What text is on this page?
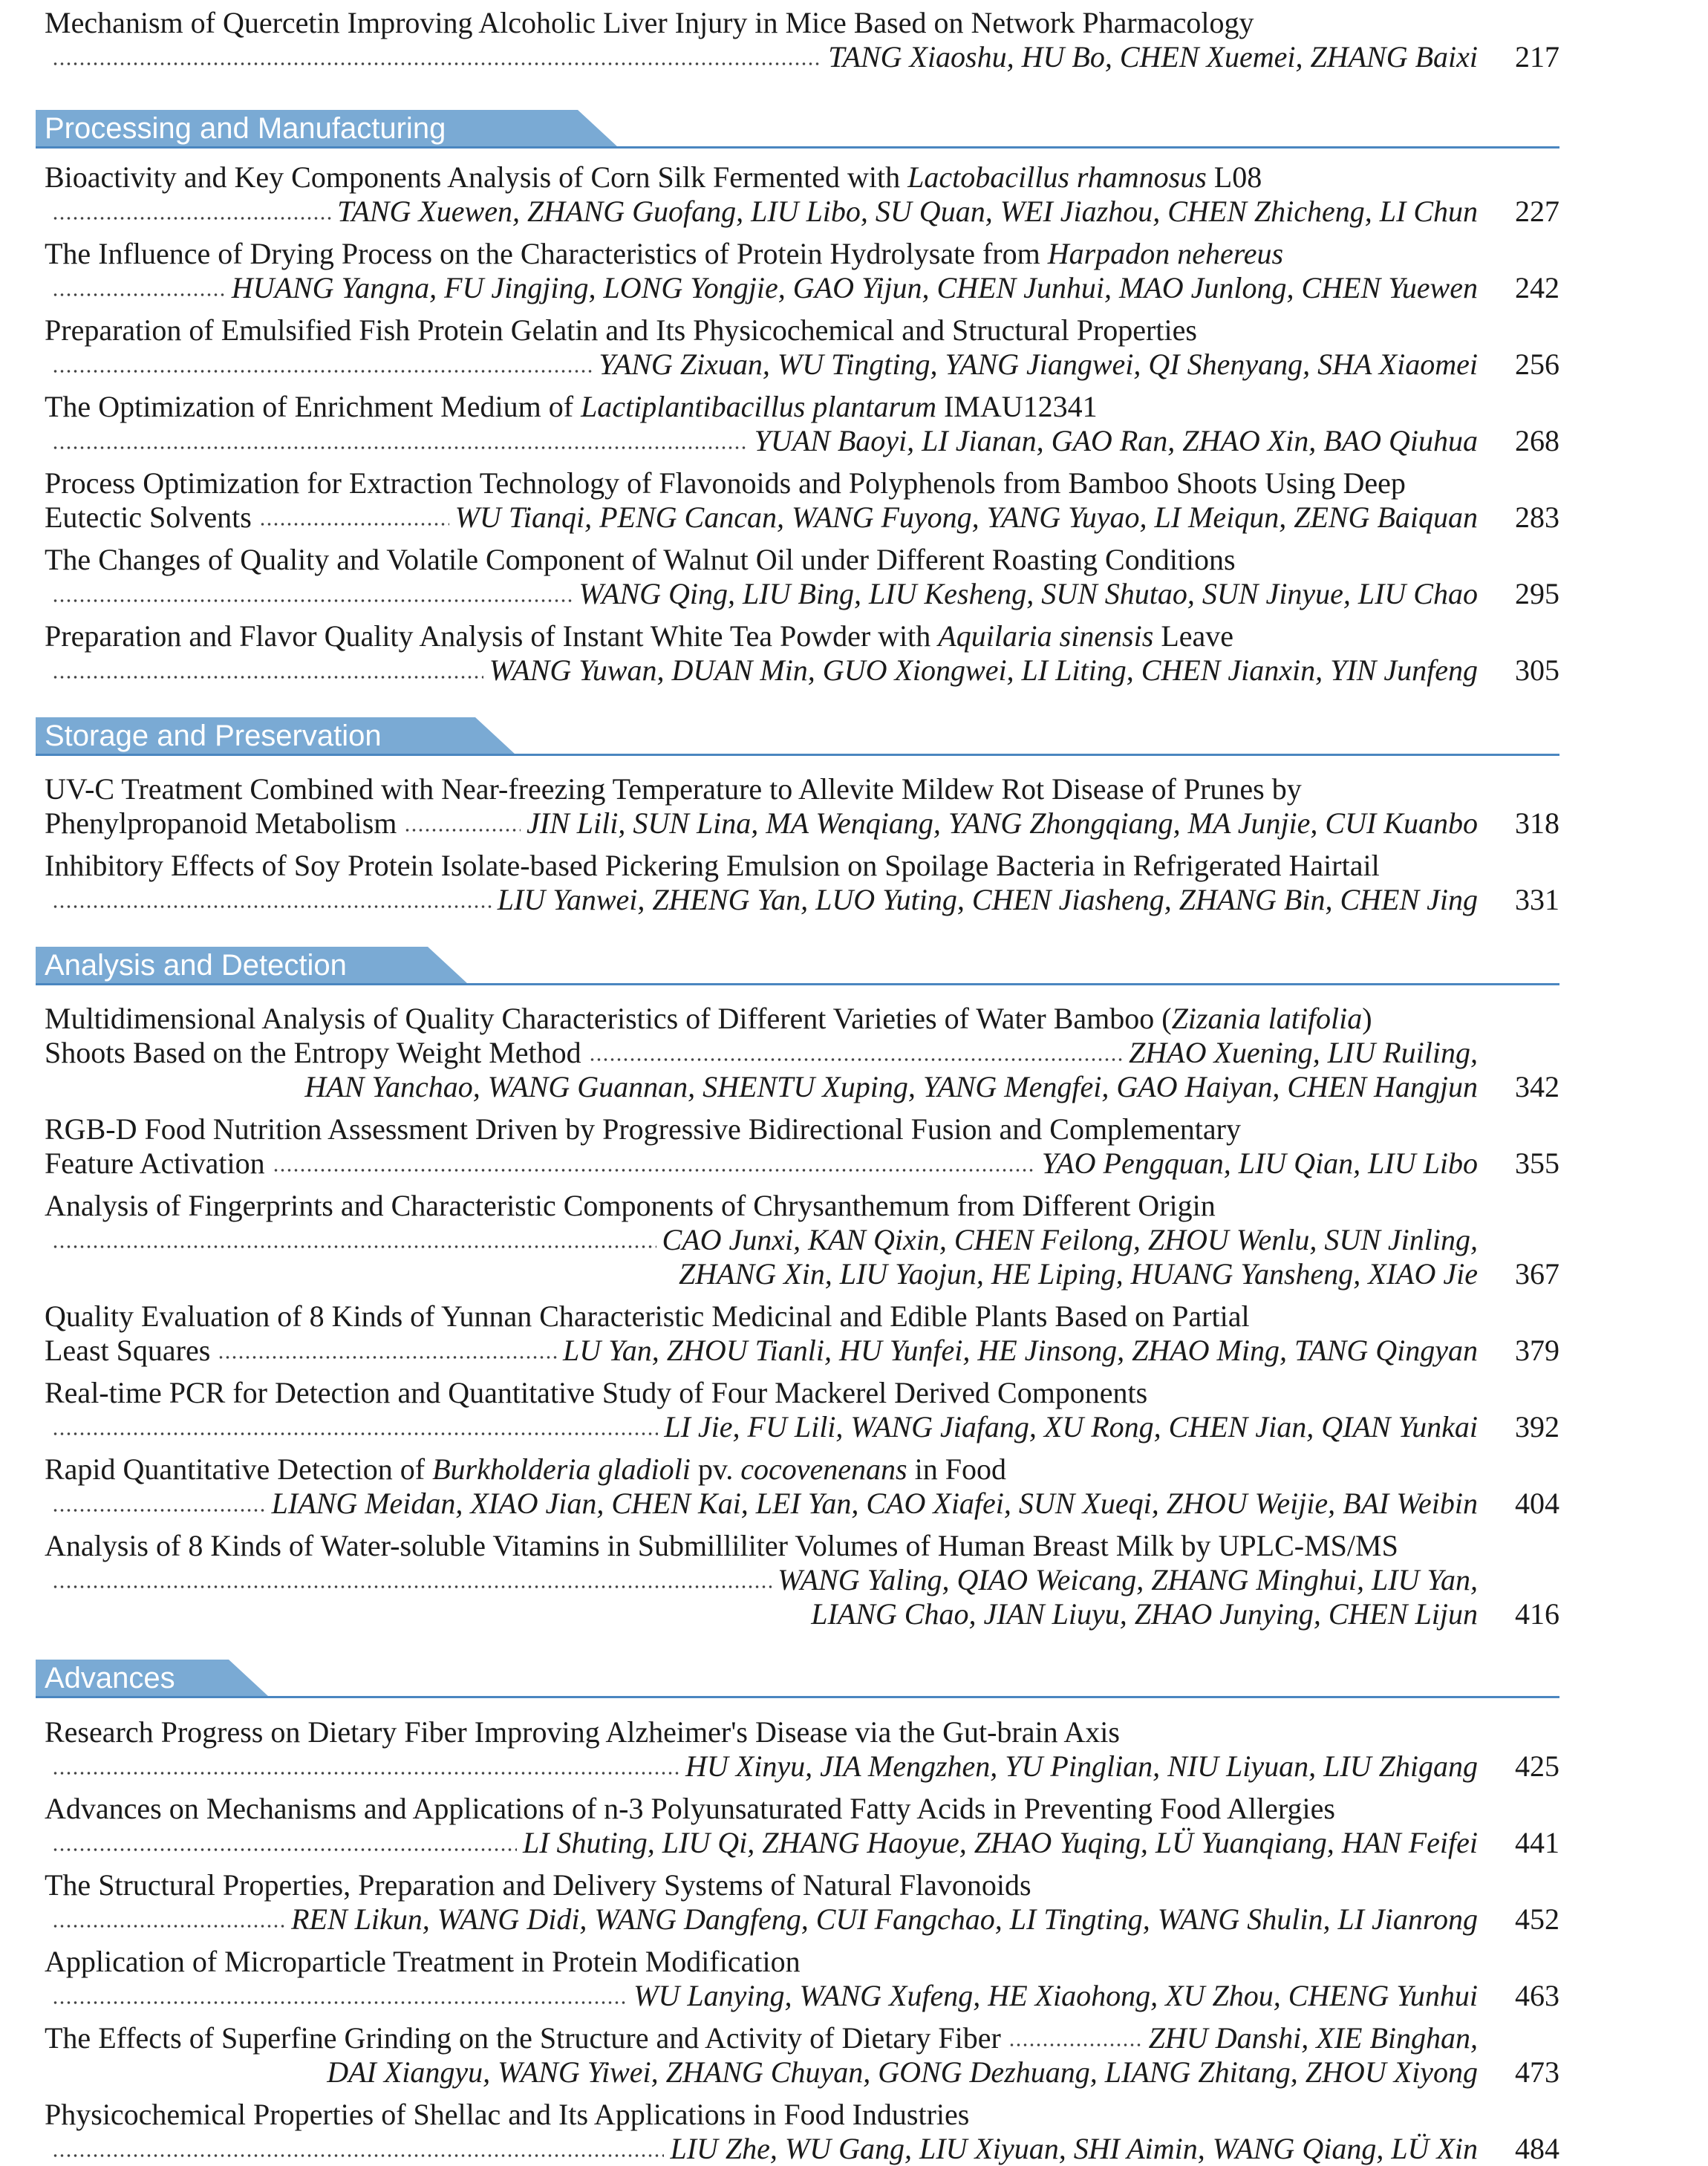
Mechanism of Quercetin Improving Alcoholic Liver Injury in Mice Based on Network Pharmacology
TANG Xiaoshu, HU Bo, CHEN Xuemei, ZHANG Baixi	217
Processing and Manufacturing
Bioactivity and Key Components Analysis of Corn Silk Fermented with Lactobacillus rhamnosus L08
TANG Xuewen, ZHANG Guofang, LIU Libo, SU Quan, WEI Jiazhou, CHEN Zhicheng, LI Chun	227
The Influence of Drying Process on the Characteristics of Protein Hydrolysate from Harpadon nehereus
HUANG Yangna, FU Jingjing, LONG Yongjie, GAO Yijun, CHEN Junhui, MAO Junlong, CHEN Yuewen	242
Preparation of Emulsified Fish Protein Gelatin and Its Physicochemical and Structural Properties
YANG Zixuan, WU Tingting, YANG Jiangwei, QI Shenyang, SHA Xiaomei	256
The Optimization of Enrichment Medium of Lactiplantibacillus plantarum IMAU12341
YUAN Baoyi, LI Jianan, GAO Ran, ZHAO Xin, BAO Qiuhua	268
Process Optimization for Extraction Technology of Flavonoids and Polyphenols from Bamboo Shoots Using Deep
Eutectic Solvents	WU Tianqi, PENG Cancan, WANG Fuyong, YANG Yuyao, LI Meiqun, ZENG Baiquan	283
The Changes of Quality and Volatile Component of Walnut Oil under Different Roasting Conditions
WANG Qing, LIU Bing, LIU Kesheng, SUN Shutao, SUN Jinyue, LIU Chao	295
Preparation and Flavor Quality Analysis of Instant White Tea Powder with Aquilaria sinensis Leave
WANG Yuwan, DUAN Min, GUO Xiongwei, LI Liting, CHEN Jianxin, YIN Junfeng	305
Storage and Preservation
UV-C Treatment Combined with Near-freezing Temperature to Allevite Mildew Rot Disease of Prunes by
Phenylpropanoid Metabolism	JIN Lili, SUN Lina, MA Wenqiang, YANG Zhongqiang, MA Junjie, CUI Kuanbo	318
Inhibitory Effects of Soy Protein Isolate-based Pickering Emulsion on Spoilage Bacteria in Refrigerated Hairtail
LIU Yanwei, ZHENG Yan, LUO Yuting, CHEN Jiasheng, ZHANG Bin, CHEN Jing	331
Analysis and Detection
Multidimensional Analysis of Quality Characteristics of Different Varieties of Water Bamboo (Zizania latifolia)
Shoots Based on the Entropy Weight Method	ZHAO Xuening, LIU Ruiling,
HAN Yanchao, WANG Guannan, SHENTU Xuping, YANG Mengfei, GAO Haiyan, CHEN Hangjun	342
RGB-D Food Nutrition Assessment Driven by Progressive Bidirectional Fusion and Complementary
Feature Activation	YAO Pengquan, LIU Qian, LIU Libo	355
Analysis of Fingerprints and Characteristic Components of Chrysanthemum from Different Origin
CAO Junxi, KAN Qixin, CHEN Feilong, ZHOU Wenlu, SUN Jinling,
ZHANG Xin, LIU Yaojun, HE Liping, HUANG Yansheng, XIAO Jie	367
Quality Evaluation of 8 Kinds of Yunnan Characteristic Medicinal and Edible Plants Based on Partial
Least Squares	LU Yan, ZHOU Tianli, HU Yunfei, HE Jinsong, ZHAO Ming, TANG Qingyan	379
Real-time PCR for Detection and Quantitative Study of Four Mackerel Derived Components
LI Jie, FU Lili, WANG Jiafang, XU Rong, CHEN Jian, QIAN Yunkai	392
Rapid Quantitative Detection of Burkholderia gladioli pv. cocovenenans in Food
LIANG Meidan, XIAO Jian, CHEN Kai, LEI Yan, CAO Xiafei, SUN Xueqi, ZHOU Weijie, BAI Weibin	404
Analysis of 8 Kinds of Water-soluble Vitamins in Submilliliter Volumes of Human Breast Milk by UPLC-MS/MS
WANG Yaling, QIAO Weicang, ZHANG Minghui, LIU Yan,
LIANG Chao, JIAN Liuyu, ZHAO Junying, CHEN Lijun	416
Advances
Research Progress on Dietary Fiber Improving Alzheimer's Disease via the Gut-brain Axis
HU Xinyu, JIA Mengzhen, YU Pinglian, NIU Liyuan, LIU Zhigang	425
Advances on Mechanisms and Applications of n-3 Polyunsaturated Fatty Acids in Preventing Food Allergies
LI Shuting, LIU Qi, ZHANG Haoyue, ZHAO Yuqing, LÜ Yuanqiang, HAN Feifei	441
The Structural Properties, Preparation and Delivery Systems of Natural Flavonoids
REN Likun, WANG Didi, WANG Dangfeng, CUI Fangchao, LI Tingting, WANG Shulin, LI Jianrong	452
Application of Microparticle Treatment in Protein Modification
WU Lanying, WANG Xufeng, HE Xiaohong, XU Zhou, CHENG Yunhui	463
The Effects of Superfine Grinding on the Structure and Activity of Dietary Fiber	ZHU Danshi, XIE Binghan,
DAI Xiangyu, WANG Yiwei, ZHANG Chuyan, GONG Dezhuang, LIANG Zhitang, ZHOU Xiyong	473
Physicochemical Properties of Shellac and Its Applications in Food Industries
LIU Zhe, WU Gang, LIU Xiyuan, SHI Aimin, WANG Qiang, LÜ Xin	484
